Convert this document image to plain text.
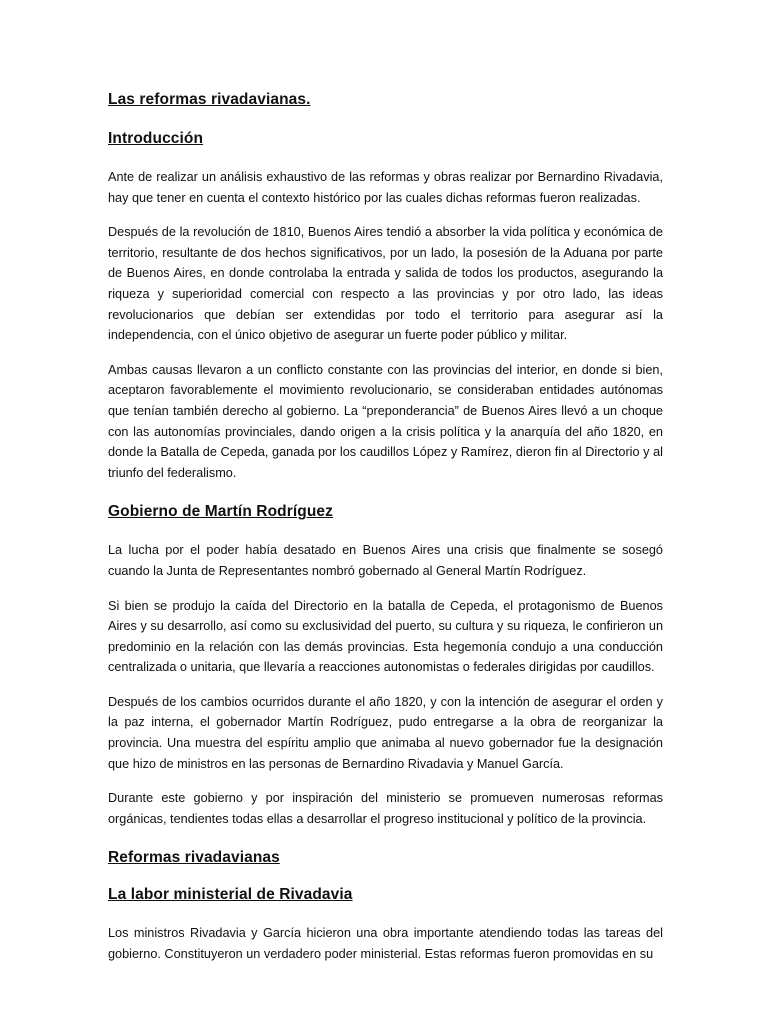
Las reformas rivadavianas.
Introducción

Ante de realizar un análisis exhaustivo de las reformas y obras realizar por Bernardino Rivadavia, hay que tener en cuenta el contexto histórico por las cuales dichas reformas fueron realizadas.

Después de la revolución de 1810, Buenos Aires tendió a absorber la vida política y económica de territorio, resultante de dos hechos significativos, por un lado, la posesión de la Aduana por parte de Buenos Aires, en donde controlaba la entrada y salida de todos los productos, asegurando la riqueza y superioridad comercial con respecto a las provincias y por otro lado, las ideas revolucionarios que debían ser extendidas por todo el territorio para asegurar así la independencia, con el único objetivo de asegurar un fuerte poder público y militar.

Ambas causas llevaron a un conflicto constante con las provincias del interior, en donde si bien, aceptaron favorablemente el movimiento revolucionario, se consideraban entidades autónomas que tenían también derecho al gobierno. La “preponderancia” de Buenos Aires llevó a un choque con las autonomías provinciales, dando origen a la crisis política y la anarquía del año 1820, en donde la Batalla de Cepeda, ganada por los caudillos López y Ramírez, dieron fin al Directorio y al triunfo del federalismo.

Gobierno de Martín Rodríguez

La lucha por el poder había desatado en Buenos Aires una crisis que finalmente se sosegó cuando la Junta de Representantes nombró gobernado al General Martín Rodríguez.

Si bien se produjo la caída del Directorio en la batalla de Cepeda, el protagonismo de Buenos Aires y su desarrollo, así como su exclusividad del puerto, su cultura y su riqueza, le confirieron un predominio en la relación con las demás provincias. Esta hegemonía condujo a una conducción centralizada o unitaria, que llevaría a reacciones autonomistas o federales dirigidas por caudillos.

Después de los cambios ocurridos durante el año 1820, y con la intención de asegurar el orden y la paz interna, el gobernador Martín Rodríguez, pudo entregarse a la obra de reorganizar la provincia. Una muestra del espíritu amplio que animaba al nuevo gobernador fue la designación que hizo de ministros en las personas de Bernardino Rivadavia y Manuel García.

Durante este gobierno y por inspiración del ministerio se promueven numerosas reformas orgánicas, tendientes todas ellas a desarrollar el progreso institucional y político de la provincia.

Reformas rivadavianas
La labor ministerial de Rivadavia

Los ministros Rivadavia y García hicieron una obra importante atendiendo todas las tareas del gobierno. Constituyeron un verdadero poder ministerial. Estas reformas fueron promovidas en su
